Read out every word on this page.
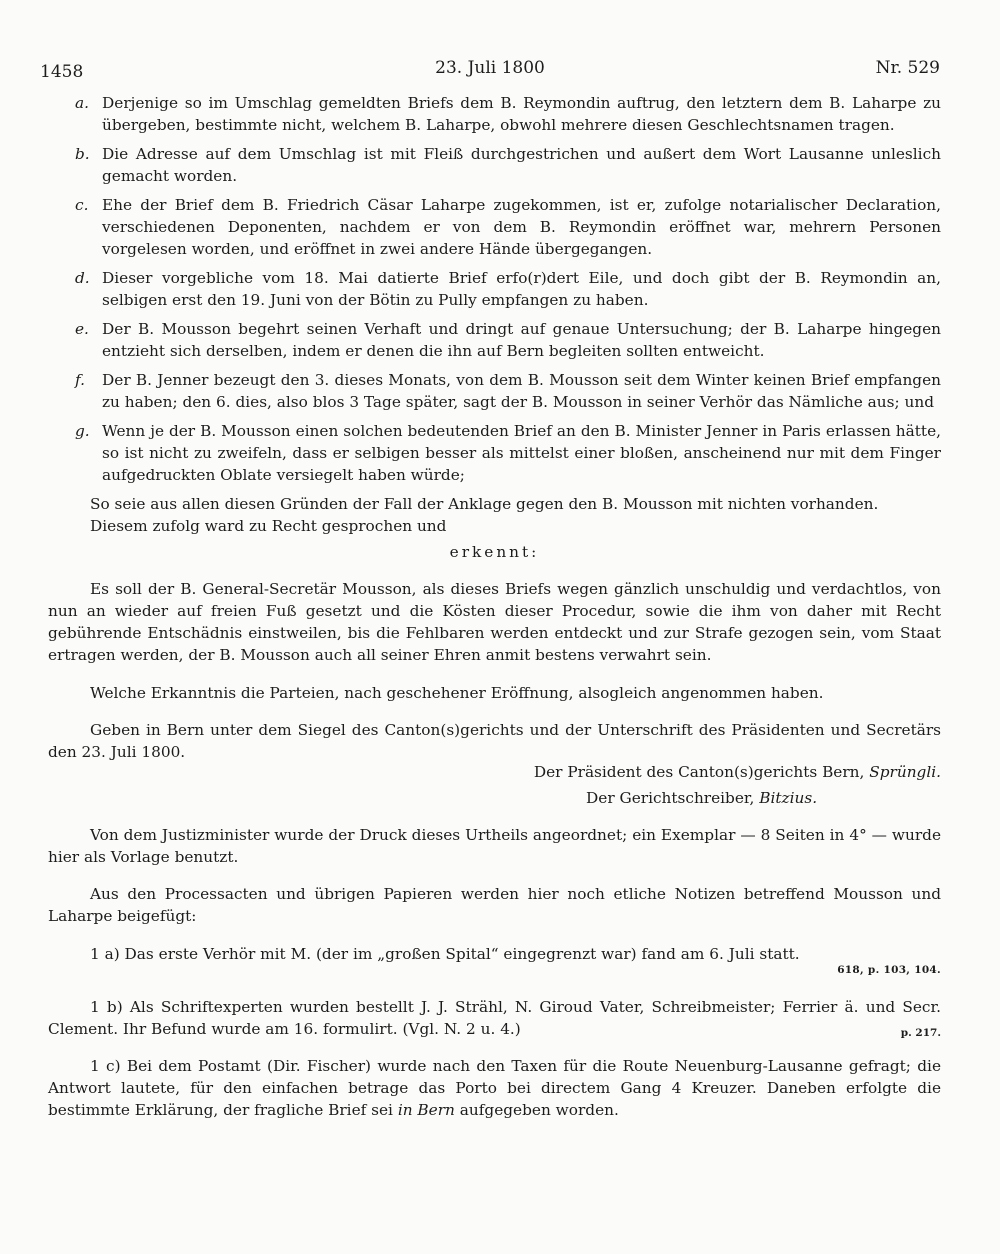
1458	23. Juli 1800	Nr. 529
a. Derjenige so im Umschlag gemeldten Briefs dem B. Reymondin auftrug, den letztern dem B. Laharpe zu übergeben, bestimmte nicht, welchem B. Laharpe, obwohl mehrere diesen Geschlechtsnamen tragen.
b. Die Adresse auf dem Umschlag ist mit Fleiß durchgestrichen und außert dem Wort Lausanne unleslich gemacht worden.
c. Ehe der Brief dem B. Friedrich Cäsar Laharpe zugekommen, ist er, zufolge notarialischer Declaration, verschiedenen Deponenten, nachdem er von dem B. Reymondin eröffnet war, mehrern Personen vorgelesen worden, und eröffnet in zwei andere Hände übergegangen.
d. Dieser vorgebliche vom 18. Mai datierte Brief erfo(r)dert Eile, und doch gibt der B. Reymondin an, selbigen erst den 19. Juni von der Bötin zu Pully empfangen zu haben.
e. Der B. Mousson begehrt seinen Verhaft und dringt auf genaue Untersuchung; der B. Laharpe hingegen entzieht sich derselben, indem er denen die ihn auf Bern begleiten sollten entweicht.
f. Der B. Jenner bezeugt den 3. dieses Monats, von dem B. Mousson seit dem Winter keinen Brief empfangen zu haben; den 6. dies, also blos 3 Tage später, sagt der B. Mousson in seiner Verhör das Nämliche aus; und
g. Wenn je der B. Mousson einen solchen bedeutenden Brief an den B. Minister Jenner in Paris erlassen hätte, so ist nicht zu zweifeln, dass er selbigen besser als mittelst einer bloßen, anscheinend nur mit dem Finger aufgedruckten Oblate versiegelt haben würde;

So seie aus allen diesen Gründen der Fall der Anklage gegen den B. Mousson mit nichten vorhanden.

Diesem zufolg ward zu Recht gesprochen und

erkennt:

Es soll der B. General-Secretär Mousson, als dieses Briefs wegen gänzlich unschuldig und verdachtlos, von nun an wieder auf freien Fuß gesetzt und die Kösten dieser Procedur, sowie die ihm von daher mit Recht gebührende Entschädnis einstweilen, bis die Fehlbaren werden entdeckt und zur Strafe gezogen sein, vom Staat ertragen werden, der B. Mousson auch all seiner Ehren anmit bestens verwahrt sein.

Welche Erkanntnis die Parteien, nach geschehener Eröffnung, alsogleich angenommen haben.

Geben in Bern unter dem Siegel des Canton(s)gerichts und der Unterschrift des Präsidenten und Secretärs den 23. Juli 1800.

Der Präsident des Canton(s)gerichts Bern, Sprüngli.

Der Gerichtschreiber, Bitzius.

Von dem Justizminister wurde der Druck dieses Urtheils angeordnet; ein Exemplar — 8 Seiten in 4° — wurde hier als Vorlage benutzt.

Aus den Processacten und übrigen Papieren werden hier noch etliche Notizen betreffend Mousson und Laharpe beigefügt:

1 a) Das erste Verhör mit M. (der im „großen Spital“ eingegrenzt war) fand am 6. Juli statt.

618, p. 103, 104.

1 b) Als Schriftexperten wurden bestellt J. J. Strähl, N. Giroud Vater, Schreibmeister; Ferrier ä. und Secr. Clement. Ihr Befund wurde am 16. formulirt. (Vgl. N. 2 u. 4.)	p. 217.

1 c) Bei dem Postamt (Dir. Fischer) wurde nach den Taxen für die Route Neuenburg-Lausanne gefragt; die Antwort lautete, für den einfachen betrage das Porto bei directem Gang 4 Kreuzer. Daneben erfolgte die bestimmte Erklärung, der fragliche Brief sei in Bern aufgegeben worden.
